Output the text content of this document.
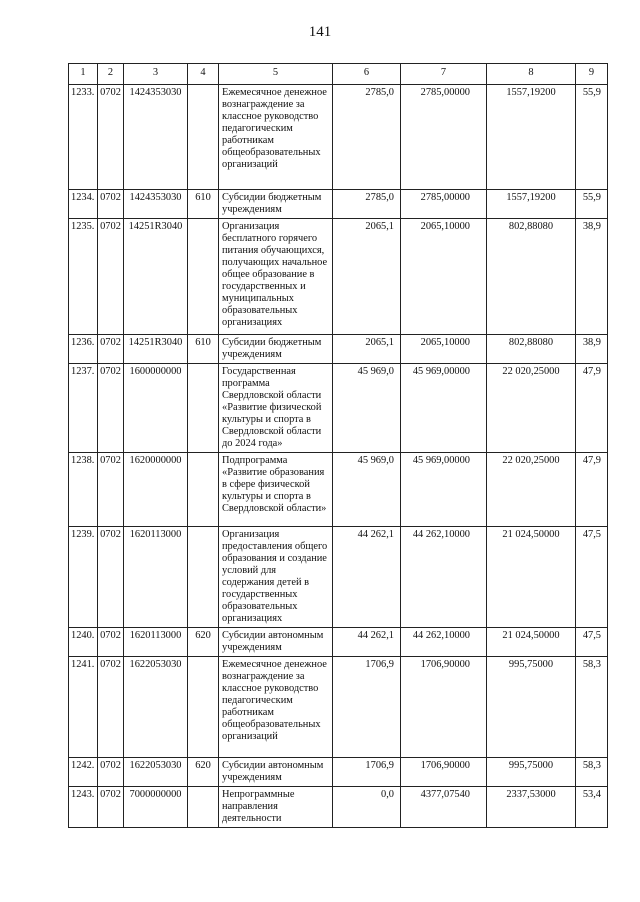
141
1	2	3	4	5	6	7	8	9
1233.	0702	1424353030		Ежемесячное денежное вознаграждение за классное руководство педагогическим работникам общеобразовательных организаций	2785,0	2785,00000	1557,19200	55,9
1234.	0702	1424353030	610	Субсидии бюджетным учреждениям	2785,0	2785,00000	1557,19200	55,9
1235.	0702	14251R3040		Организация бесплатного горячего питания обучающихся, получающих начальное общее образование в государственных и муниципальных образовательных организациях	2065,1	2065,10000	802,88080	38,9
1236.	0702	14251R3040	610	Субсидии бюджетным учреждениям	2065,1	2065,10000	802,88080	38,9
1237.	0702	1600000000		Государственная программа Свердловской области «Развитие физической культуры и спорта в Свердловской области до 2024 года»	45 969,0	45 969,00000	22 020,25000	47,9
1238.	0702	1620000000		Подпрограмма «Развитие образования в сфере физической культуры и спорта в Свердловской области»	45 969,0	45 969,00000	22 020,25000	47,9
1239.	0702	1620113000		Организация предоставления общего образования и создание условий для содержания детей в государственных образовательных организациях	44 262,1	44 262,10000	21 024,50000	47,5
1240.	0702	1620113000	620	Субсидии автономным учреждениям	44 262,1	44 262,10000	21 024,50000	47,5
1241.	0702	1622053030		Ежемесячное денежное вознаграждение за классное руководство педагогическим работникам общеобразовательных организаций	1706,9	1706,90000	995,75000	58,3
1242.	0702	1622053030	620	Субсидии автономным учреждениям	1706,9	1706,90000	995,75000	58,3
1243.	0702	7000000000		Непрограммные направления деятельности	0,0	4377,07540	2337,53000	53,4
